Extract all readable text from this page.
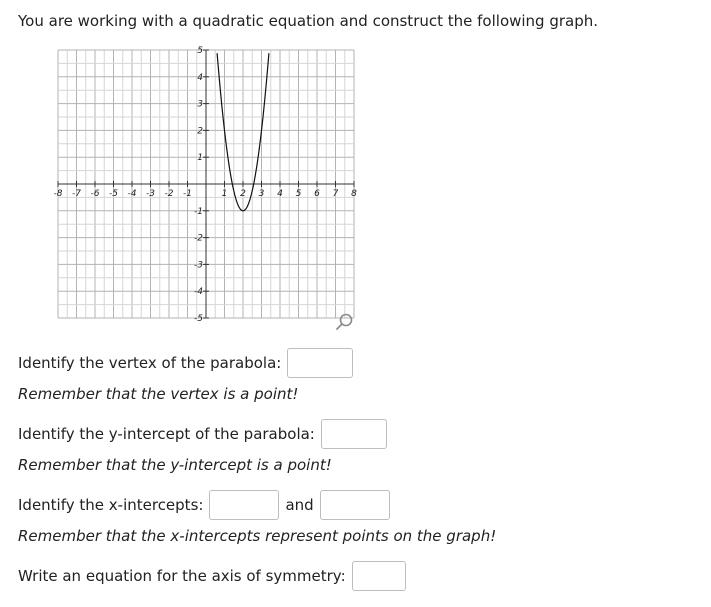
You are working with a quadratic equation and construct the following graph.

-8 -7 -6 -5 -4 -3 -2 -1	1 2 3 4 5 6 7 8
5
4
3
2
1
-1
-2
-3
-4
-5
Identify the vertex of the parabola:
Remember that the vertex is a point!
Identify the y-intercept of the parabola:
Remember that the y-intercept is a point!
Identify the x-intercepts:	and
Remember that the x-intercepts represent points on the graph!
Write an equation for the axis of symmetry:
